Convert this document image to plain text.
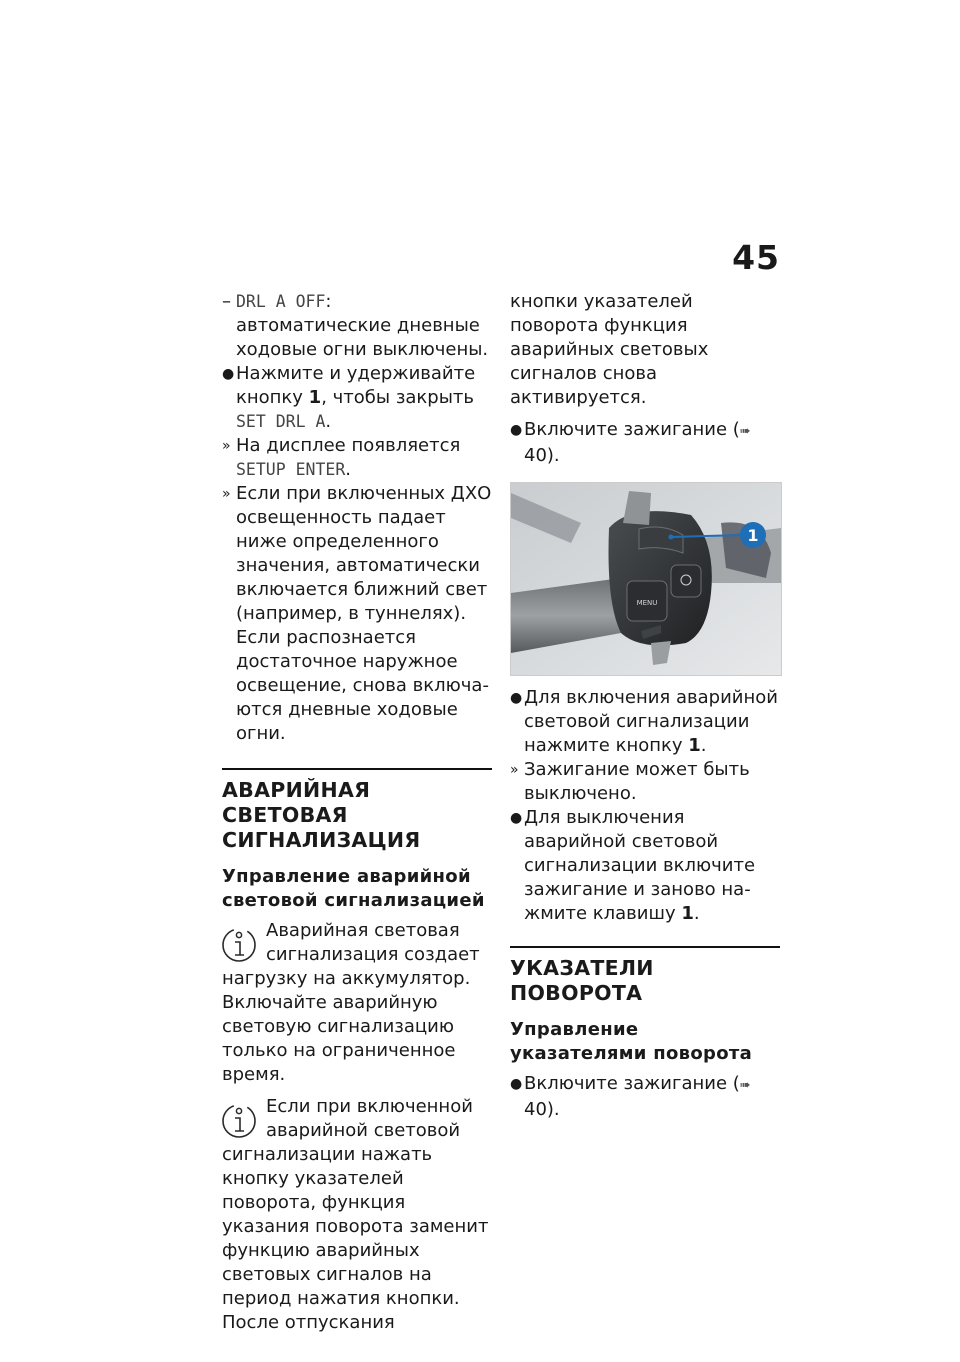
45

– DRL A OFF: автоматические дневные ходовые огни выключены.

● Нажмите и удерживайте кнопку 1, чтобы закрыть SET DRL A.

» На дисплее появляется SETUP ENTER.

» Если при включенных ДХО освещенность падает ниже определенного значения, автоматически включается ближний свет (например, в туннелях). Если распознается достаточное наружное освещение, снова включаются дневные ходовые огни.

АВАРИЙНАЯ СВЕТОВАЯ СИГНАЛИЗАЦИЯ
Управление аварийной световой сигнализацией

Аварийная световая сигнализация создает нагрузку на аккумулятор. Включайте аварийную световую сигнализацию только на ограниченное время.

Если при включенной аварийной световой сигнализации нажать кнопку указателей поворота, функция указания поворота заменит функцию аварийных световых сигналов на период нажатия кнопки. После отпускания

кнопки указателей поворота функция аварийных световых сигналов снова активируется.

● Включите зажигание (➠ 40).

MENU
1

● Для включения аварийной световой сигнализации нажмите кнопку 1.

» Зажигание может быть выключено.

● Для выключения аварийной световой сигнализации включите зажигание и заново нажмите клавишу 1.

УКАЗАТЕЛИ ПОВОРОТА
Управление указателями поворота

● Включите зажигание (➠ 40).
